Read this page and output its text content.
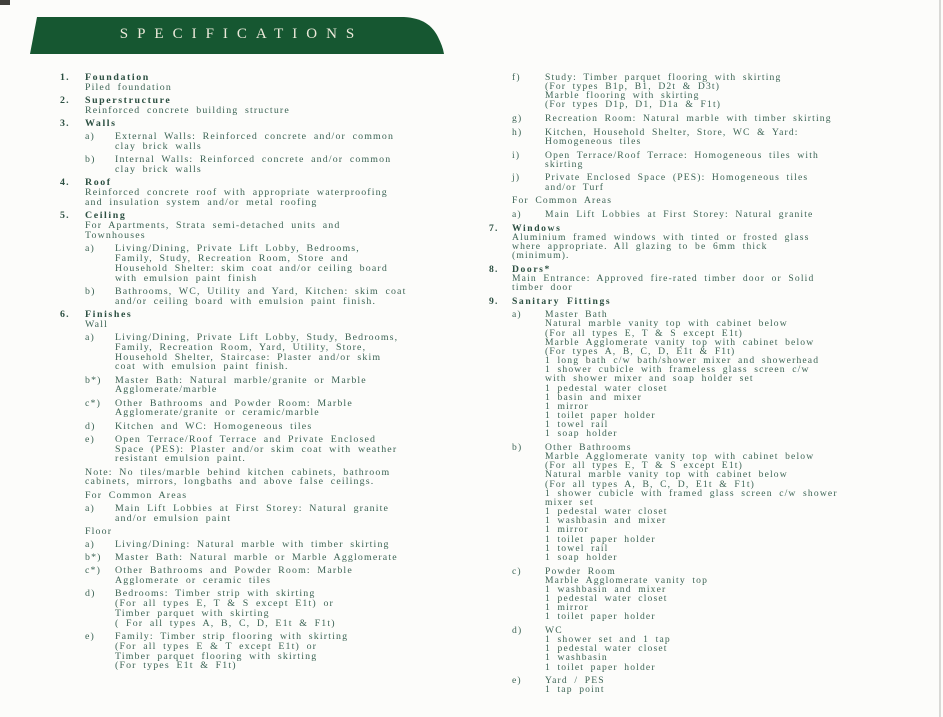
SPECIFICATIONS
1. Foundation
Piled foundation
2. Superstructure
Reinforced concrete building structure
3. Walls
a)	External Walls: Reinforced concrete and/or common
clay brick walls
b)	Internal Walls: Reinforced concrete and/or common
clay brick walls
4. Roof
Reinforced concrete roof with appropriate waterproofing
and insulation system and/or metal roofing
5. Ceiling
For Apartments, Strata semi-detached units and
Townhouses
a)	Living/Dining, Private Lift Lobby, Bedrooms,
Family, Study, Recreation Room, Store and
Household Shelter: skim coat and/or ceiling board
with emulsion paint finish
b)	Bathrooms, WC, Utility and Yard, Kitchen: skim coat
and/or ceiling board with emulsion paint finish.
6. Finishes
Wall
a)	Living/Dining, Private Lift Lobby, Study, Bedrooms,
Family, Recreation Room, Yard, Utility, Store,
Household Shelter, Staircase: Plaster and/or skim
coat with emulsion paint finish.
b*)	Master Bath: Natural marble/granite or Marble
Agglomerate/marble
c*)	Other Bathrooms and Powder Room: Marble
Agglomerate/granite or ceramic/marble
d)	Kitchen and WC: Homogeneous tiles
e)	Open Terrace/Roof Terrace and Private Enclosed
Space (PES): Plaster and/or skim coat with weather
resistant emulsion paint.
Note: No tiles/marble behind kitchen cabinets, bathroom
cabinets, mirrors, longbaths and above false ceilings.
For Common Areas
a)	Main Lift Lobbies at First Storey: Natural granite
and/or emulsion paint
Floor
a)	Living/Dining: Natural marble with timber skirting
b*)	Master Bath: Natural marble or Marble Agglomerate
c*)	Other Bathrooms and Powder Room: Marble
Agglomerate or ceramic tiles
d)	Bedrooms: Timber strip with skirting
(For all types E, T & S except E1t) or
Timber parquet with skirting
( For all types A, B, C, D, E1t & F1t)
e)	Family: Timber strip flooring with skirting
(For all types E & T except E1t) or
Timber parquet flooring with skirting
(For types E1t & F1t)
f)	Study: Timber parquet flooring with skirting
(For types B1p, B1, D2t & D3t)
Marble flooring with skirting
(For types D1p, D1, D1a & F1t)
g)	Recreation Room: Natural marble with timber skirting
h)	Kitchen, Household Shelter, Store, WC & Yard:
Homogeneous tiles
i)	Open Terrace/Roof Terrace: Homogeneous tiles with
skirting
j)	Private Enclosed Space (PES): Homogeneous tiles
and/or Turf
For Common Areas
a)	Main Lift Lobbies at First Storey: Natural granite
7. Windows
Aluminium framed windows with tinted or frosted glass
where appropriate. All glazing to be 6mm thick
(minimum).
8. Doors*
Main Entrance: Approved fire-rated timber door or Solid
timber door
9. Sanitary Fittings
a)	Master Bath
Natural marble vanity top with cabinet below
(For all types E, T & S except E1t)
Marble Agglomerate vanity top with cabinet below
(For types A, B, C, D, E1t & F1t)
1 long bath c/w bath/shower mixer and showerhead
1 shower cubicle with frameless glass screen c/w
with shower mixer and soap holder set
1 pedestal water closet
1 basin and mixer
1 mirror
1 toilet paper holder
1 towel rail
1 soap holder
b)	Other Bathrooms
Marble Agglomerate vanity top with cabinet below
(For all types E, T & S except E1t)
Natural marble vanity top with cabinet below
(For all types A, B, C, D, E1t & F1t)
1 shower cubicle with framed glass screen c/w shower
mixer set
1 pedestal water closet
1 washbasin and mixer
1 mirror
1 toilet paper holder
1 towel rail
1 soap holder
c)	Powder Room
Marble Agglomerate vanity top
1 washbasin and mixer
1 pedestal water closet
1 mirror
1 toilet paper holder
d)	WC
1 shower set and 1 tap
1 pedestal water closet
1 washbasin
1 toilet paper holder
e)	Yard / PES
1 tap point
